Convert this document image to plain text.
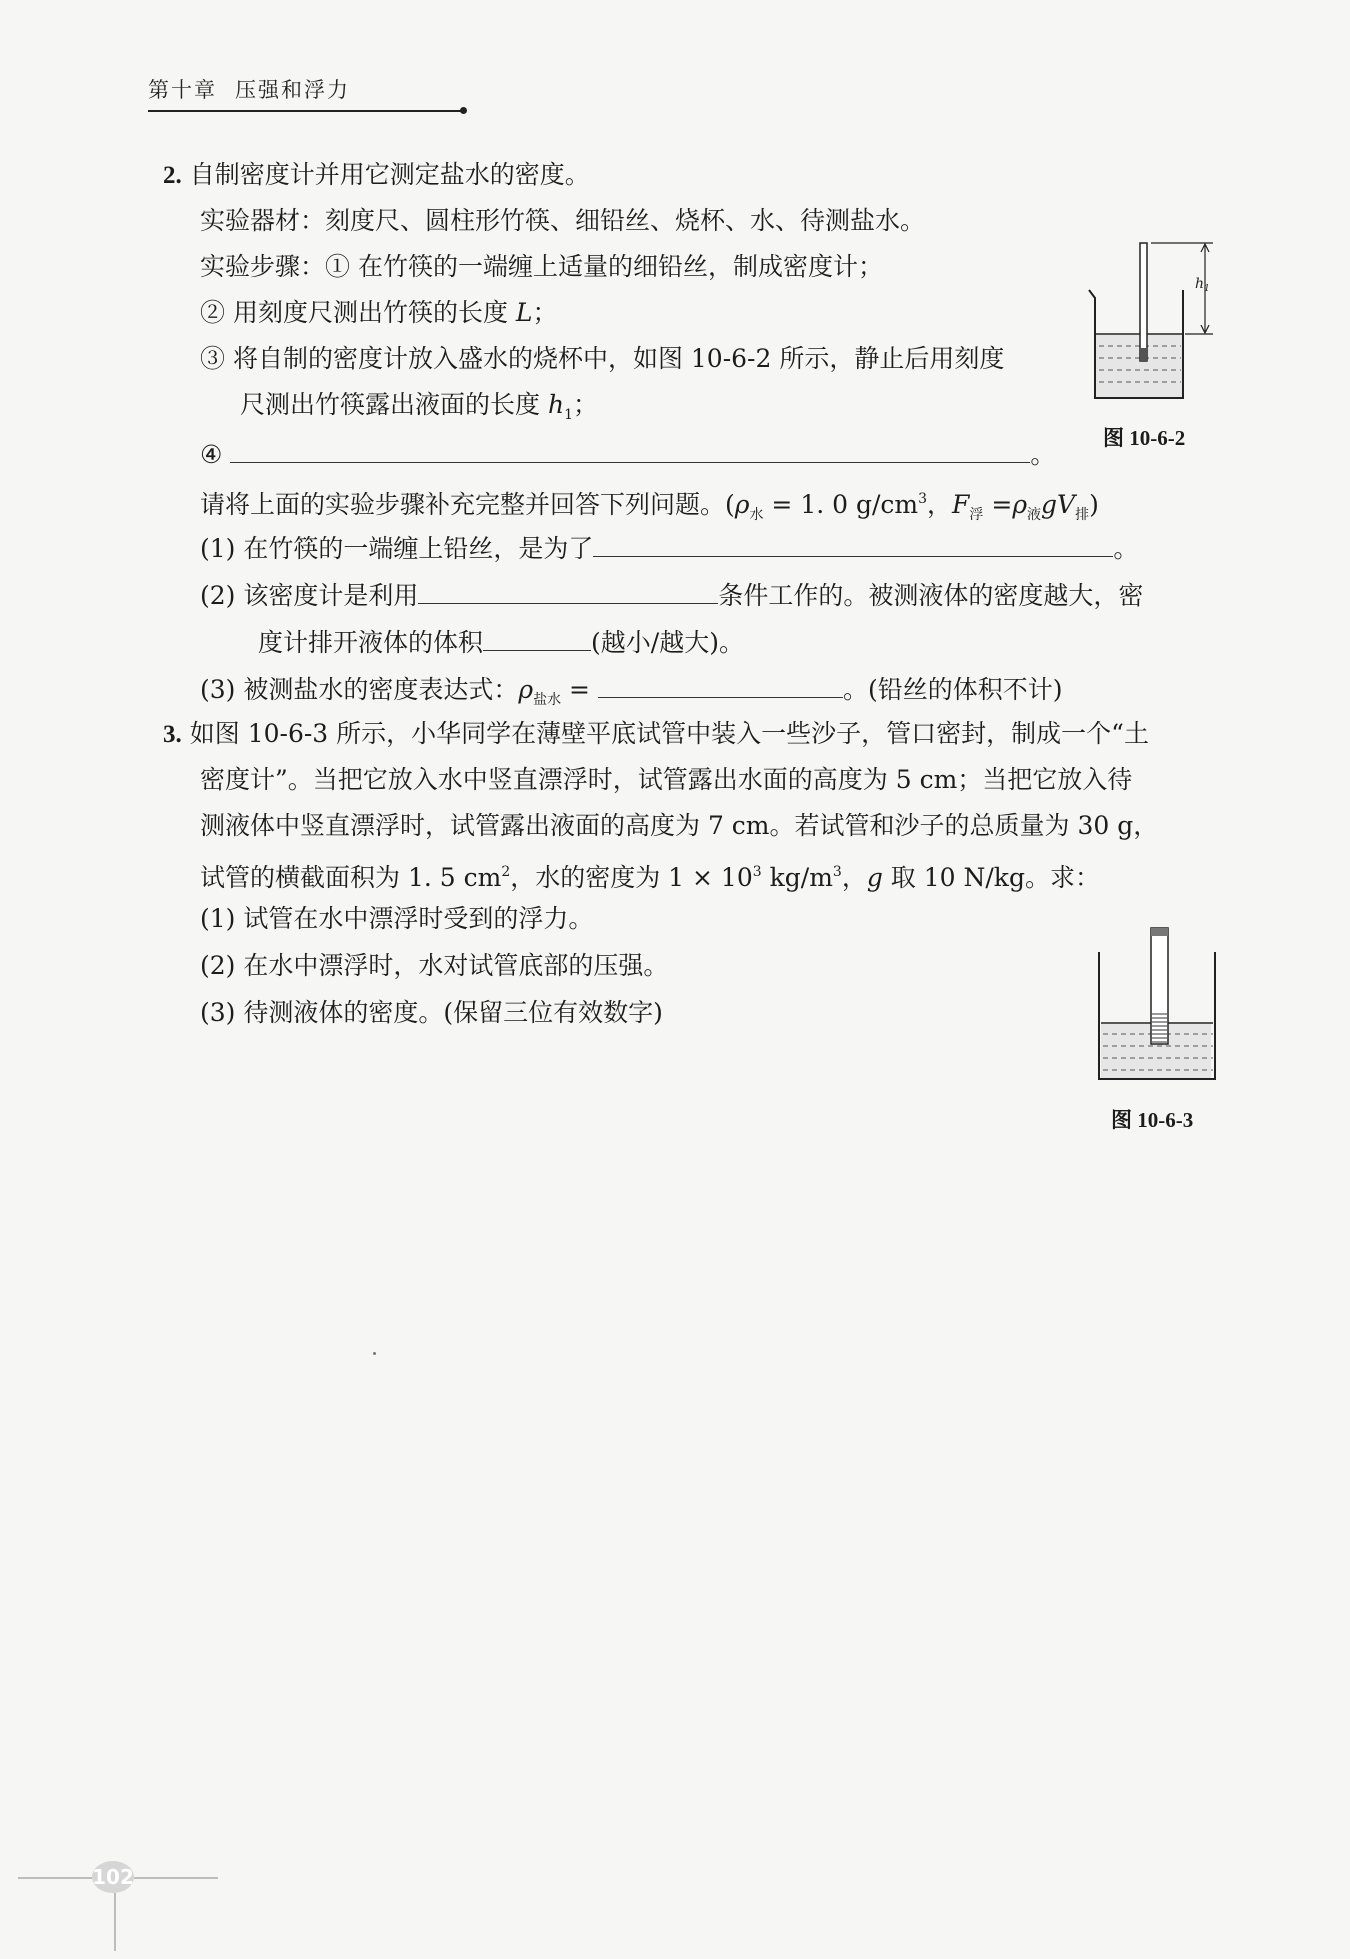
第十章 压强和浮力
2. 自制密度计并用它测定盐水的密度。
实验器材：刻度尺、圆柱形竹筷、细铅丝、烧杯、水、待测盐水。
实验步骤：① 在竹筷的一端缠上适量的细铅丝，制成密度计；
② 用刻度尺测出竹筷的长度 L；
③ 将自制的密度计放入盛水的烧杯中，如图 10-6-2 所示，静止后用刻度
尺测出竹筷露出液面的长度 $h_1$；
④	。
请将上面的实验步骤补充完整并回答下列问题。($\rho_水 = 1$. 0 $g/cm^3$，$F_浮 =\rho_液gV_排$)
(1) 在竹筷的一端缠上铅丝，是为了	。
(2) 该密度计是利用	条件工作的。被测液体的密度越大，密
度计排开液体的体积	(越小/越大)。
(3) 被测盐水的密度表达式：$\rho_{盐水}$ =	。(铅丝的体积不计)
$h_1$
图 10-6-2
3. 如图 10-6-3 所示，小华同学在薄壁平底试管中装入一些沙子，管口密封，制成一个“土
密度计”。当把它放入水中竖直漂浮时，试管露出水面的高度为 5 cm；当把它放入待
测液体中竖直漂浮时，试管露出液面的高度为 7 cm。若试管和沙子的总质量为 30 g，
试管的横截面积为 1. 5 $cm^2$，水的密度为 $1 \times 10^3$ $kg/m^3$，g 取 10 N/kg。求：
(1) 试管在水中漂浮时受到的浮力。
(2) 在水中漂浮时，水对试管底部的压强。
(3) 待测液体的密度。(保留三位有效数字)
图 10-6-3
102
